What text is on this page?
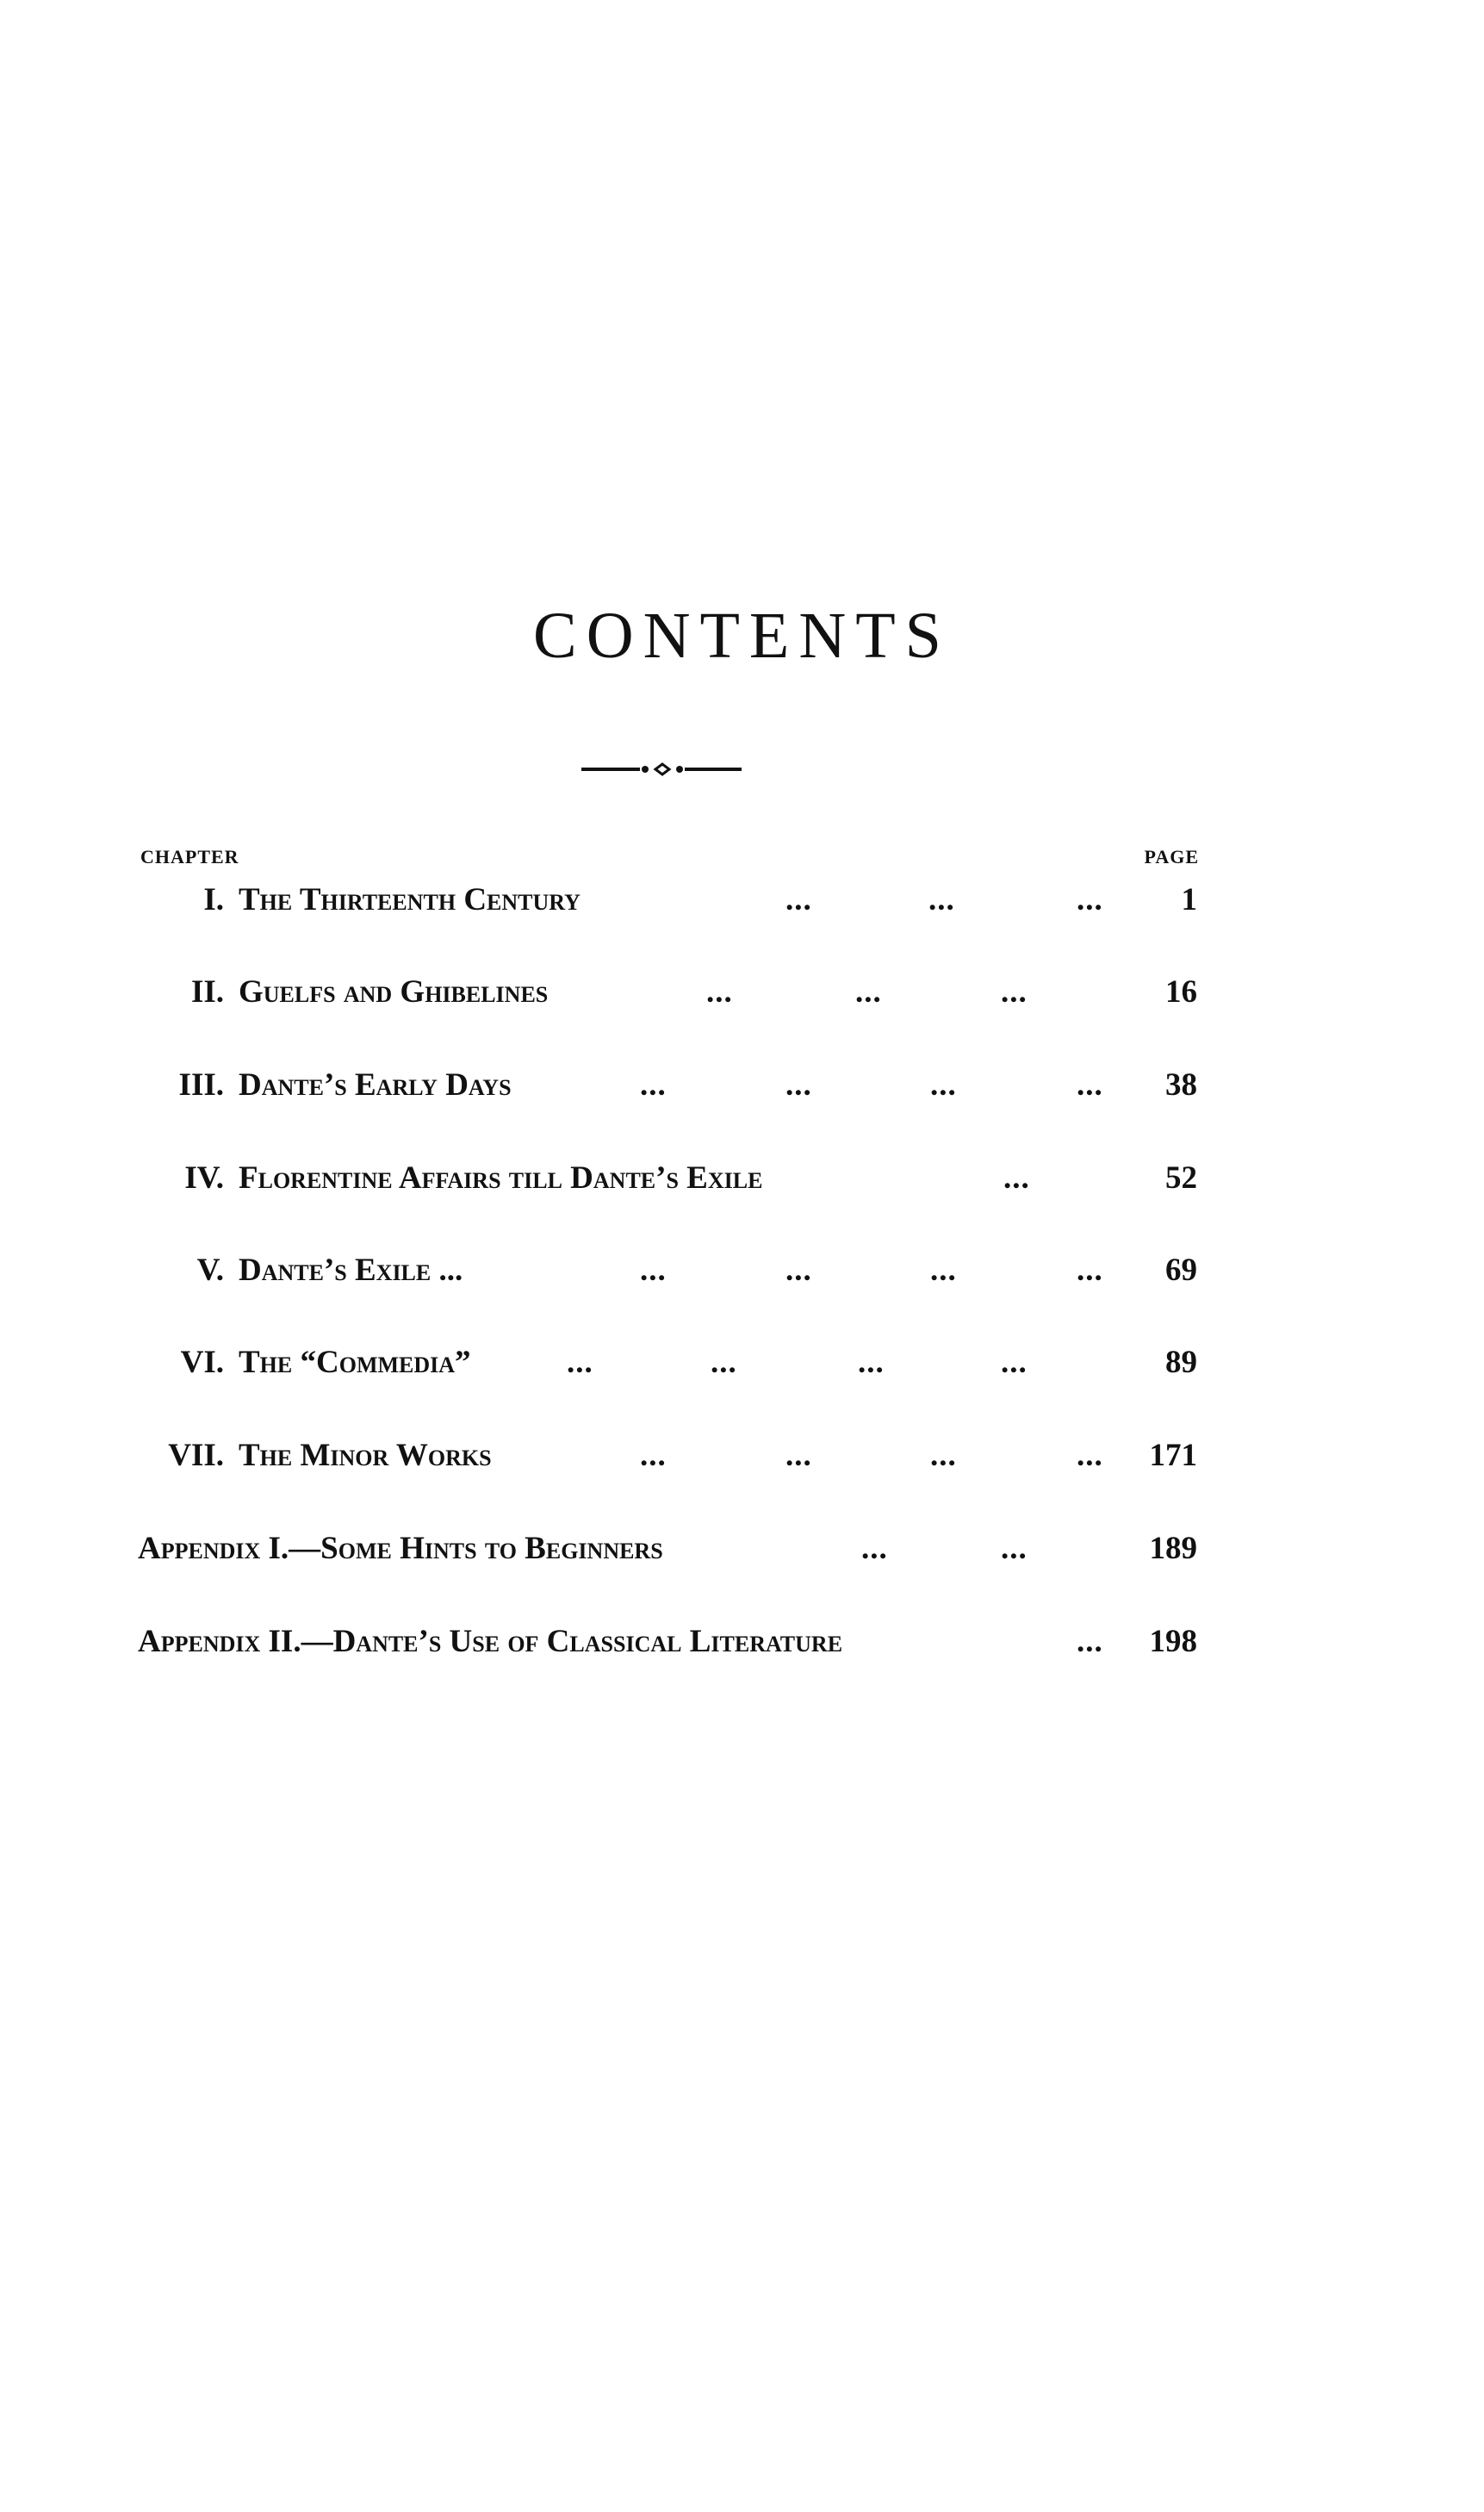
CONTENTS
CHAPTER	PAGE
I. The Thirteenth Century	...	...	... 1
II. Guelfs and Ghibelines	...	...	...	16
III. Dante’s Early Days	...	...	...	... 38
IV. Florentine Affairs till Dante’s Exile	...	52
V. Dante’s Exile ...	...	...	...	... 69
VI. The “Commedia”	...	...	...	...	89
VII. The Minor Works	...	...	...	... 171
Appendix I.—Some Hints to Beginners	...	...	189
Appendix II.—Dante’s Use of Classical Literature	... 198
